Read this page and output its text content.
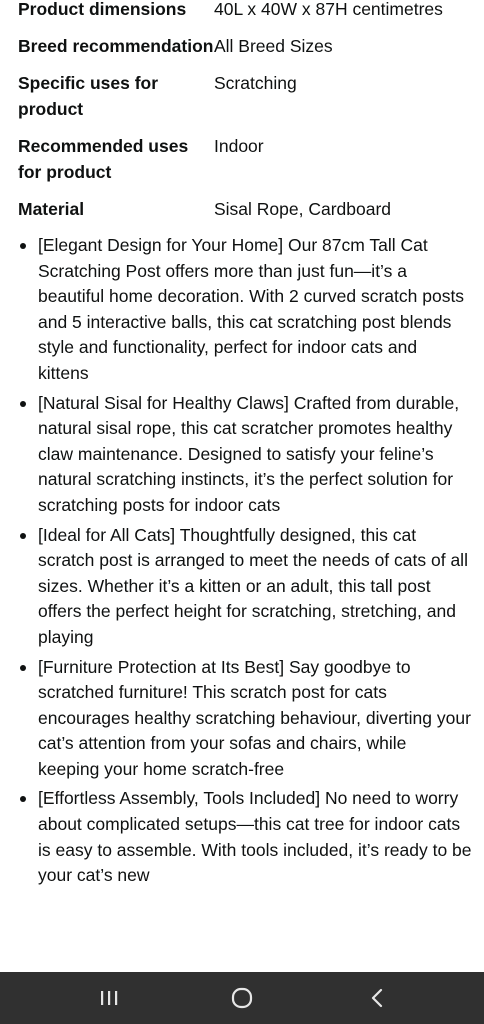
Product dimensions	40L x 40W x 87H centimetres
Breed recommendation All Breed Sizes
Specific uses for product
Scratching
Recommended uses for product
Indoor
Material	Sisal Rope, Cardboard
[Elegant Design for Your Home] Our 87cm Tall Cat Scratching Post offers more than just fun—it’s a beautiful home decoration. With 2 curved scratch posts and 5 interactive balls, this cat scratching post blends style and functionality, perfect for indoor cats and kittens
[Natural Sisal for Healthy Claws] Crafted from durable, natural sisal rope, this cat scratcher promotes healthy claw maintenance. Designed to satisfy your feline’s natural scratching instincts, it’s the perfect solution for scratching posts for indoor cats
[Ideal for All Cats] Thoughtfully designed, this cat scratch post is arranged to meet the needs of cats of all sizes. Whether it’s a kitten or an adult, this tall post offers the perfect height for scratching, stretching, and playing
[Furniture Protection at Its Best] Say goodbye to scratched furniture! This scratch post for cats encourages healthy scratching behaviour, diverting your cat’s attention from your sofas and chairs, while keeping your home scratch-free
[Effortless Assembly, Tools Included] No need to worry about complicated setups—this cat tree for indoor cats is easy to assemble. With tools included, it’s ready to be your cat’s new
